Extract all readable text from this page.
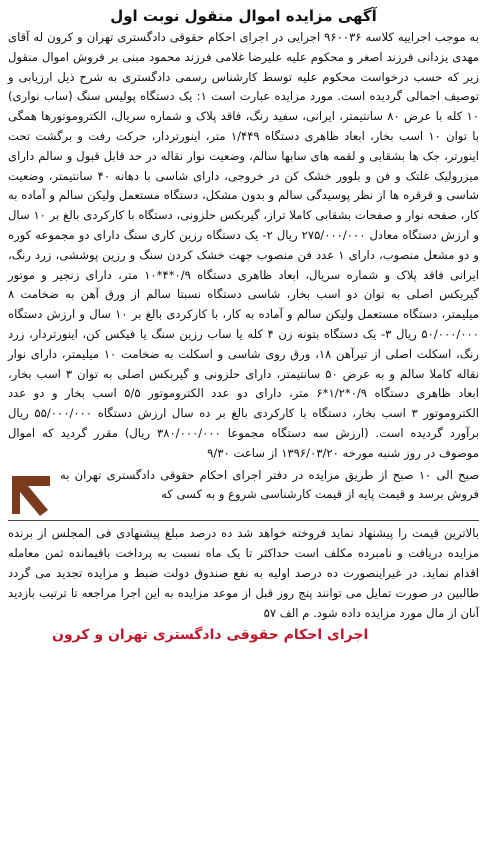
آگهی مزایده اموال منقول نوبت اول

به موجب اجراییه کلاسه ۹۶۰۰۳۶ اجرایی در اجرای احکام حقوقی دادگستری تهران و کرون له آقای مهدی یزدانی فرزند اصغر و محکوم علیه علیرضا غلامی فرزند محمود مبنی بر فروش اموال منقول زیر که حسب درخواست محکوم علیه توسط کارشناس رسمی دادگستری به شرح ذیل ارزیابی و توصیف اجمالی گردیده است. مورد مزایده عبارت است ۱: یک دستگاه پولیس سنگ (ساب نواری) ۱۰ کله با عرض ۸۰ سانتیمتر، ایرانی، سفید رنگ، فاقد پلاک و شماره سریال، الکتروموتورها همگی با توان ۱۰ اسب بخار، ابعاد ظاهری دستگاه ۱/۴۴۹ متر، اینورتردار، حرکت رفت و برگشت تحت اینورتر، جک ها بشقابی و لقمه های سابها سالم، وضعیت نوار نقاله در حد قابل قبول و سالم دارای میزرولیک غلتک و فن و بلوور خشک کن در خروجی، دارای شاسی با دهانه ۴۰ سانتیمتر، وضعیت شاسی و قرقره ها از نظر پوسیدگی سالم و بدون مشکل، دستگاه مستعمل ولیکن سالم و آماده به کار، صفحه نوار و صفحات بشقابی کاملا تراز، گیربکس حلزونی، دستگاه با کارکردی بالغ بر ۱۰ سال و ارزش دستگاه معادل ۲۷۵/۰۰۰/۰۰۰ ریال ۲- یک دستگاه رزین کاری سنگ دارای دو مجموعه کوره و دو مشعل منصوب، دارای ۱ عدد فن منصوب جهت خشک کردن سنگ و رزین پوششی، زرد رنگ، ایرانی فاقد پلاک و شماره سریال، ابعاد ظاهری دستگاه ۰/۹*۴*۱۰ متر، دارای زنجیر و موتور گیربکس اصلی به توان دو اسب بخار، شاسی دستگاه نسبتا سالم از ورق آهن به ضخامت ۸ میلیمتر، دستگاه مستعمل ولیکن سالم و آماده به کار، با کارکردی بالغ بر ۱۰ سال و ارزش دستگاه ۵۰/۰۰۰/۰۰۰ ریال ۳- یک دستگاه بتونه زن ۴ کله یا ساب رزین سنگ یا فیکس کن، اینورتردار، زرد رنگ، اسکلت اصلی از تیرآهن ۱۸، ورق روی شاسی و اسکلت به ضخامت ۱۰ میلیمتر، دارای نوار نقاله کاملا سالم و به عرض ۵۰ سانتیمتر، دارای حلزونی و گیربکس اصلی به توان ۳ اسب بخار، ابعاد ظاهری دستگاه ۰/۹*۱/۲*۶ متر، دارای دو عدد الکتروموتور ۵/۵ اسب بخار و دو عدد الکتروموتور ۳ اسب بخار، دستگاه با کارکردی بالغ بر ده سال ارزش دستگاه ۵۵/۰۰۰/۰۰۰ ریال برآورد گردیده است. (ارزش سه دستگاه مجموعا ۳۸۰/۰۰۰/۰۰۰ ریال) مقرر گردید که اموال موصوف در روز شنبه مورخه ۱۳۹۶/۰۳/۲۰ از ساعت ۹/۳۰

صبح الی ۱۰ صبح از طریق مزایده در دفتر اجرای احکام حقوقی دادگستری تهران به فروش برسد و قیمت پایه از قیمت کارشناسی شروع و به کسی که

بالاترین قیمت را پیشنهاد نماید فروخته خواهد شد ده درصد مبلغ پیشنهادی فی المجلس از برنده مزایده دریافت و نامبرده مکلف است حداکثر تا یک ماه نسبت به پرداخت باقیمانده ثمن معامله اقدام نماید. در غیراینصورت ده درصد اولیه به نفع صندوق دولت ضبط و مزایده تجدید می گردد طالبین در صورت تمایل می توانند پنج روز قبل از موعد مزایده به این اجرا مراجعه تا ترتیب بازدید آنان از مال مورد مزایده داده شود. م الف ۵۷

اجرای احکام حقوقی دادگستری تهران و کرون
